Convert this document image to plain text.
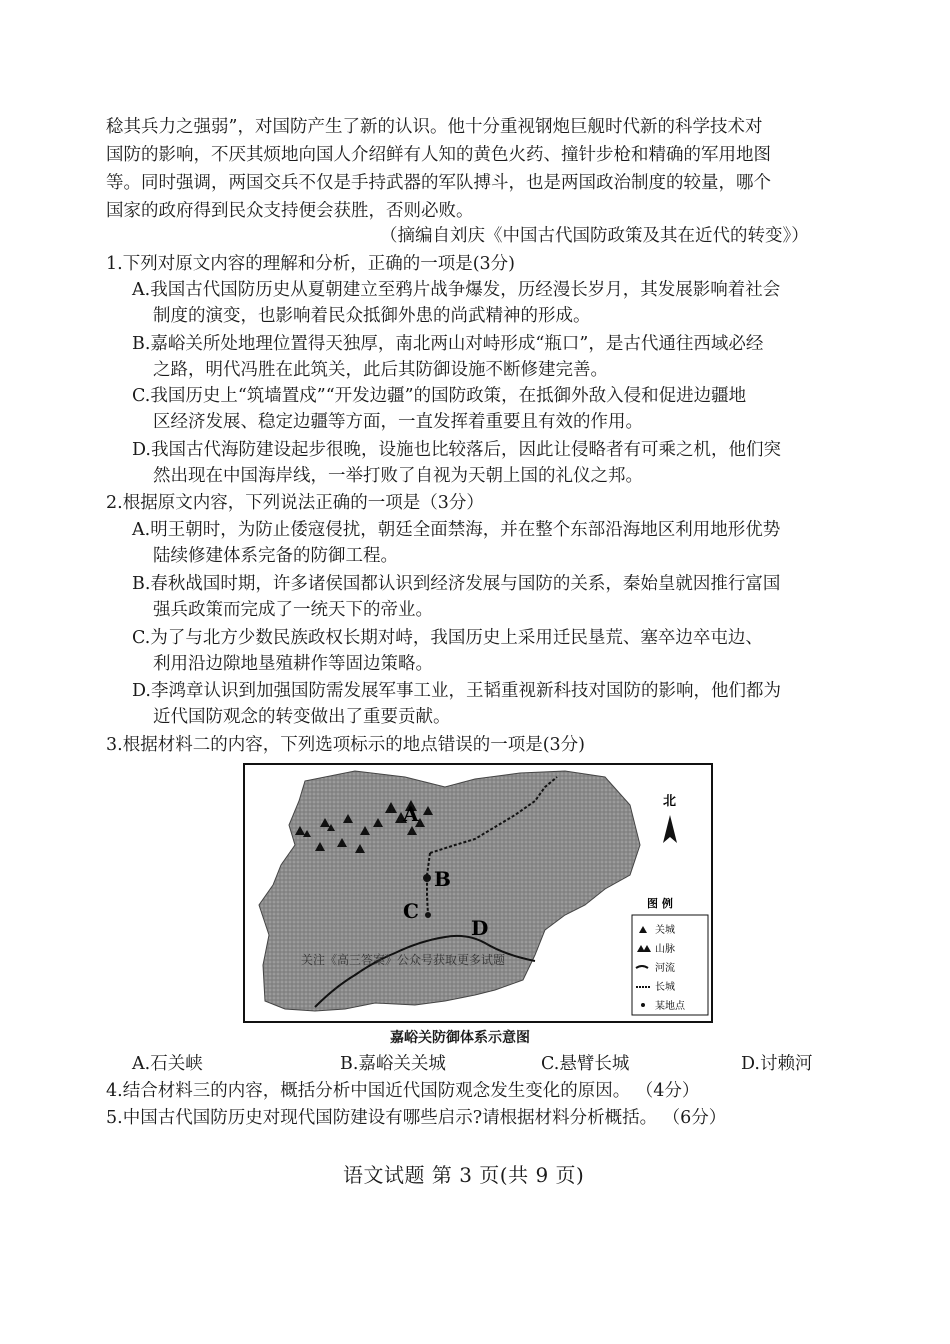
稔其兵力之强弱”，对国防产生了新的认识。他十分重视钢炮巨舰时代新的科学技术对
国防的影响，不厌其烦地向国人介绍鲜有人知的黄色火药、撞针步枪和精确的军用地图
等。同时强调，两国交兵不仅是手持武器的军队搏斗，也是两国政治制度的较量，哪个
国家的政府得到民众支持便会获胜，否则必败。
（摘编自刘庆《中国古代国防政策及其在近代的转变》）
1.下列对原文内容的理解和分析，正确的一项是(3分)
A.我国古代国防历史从夏朝建立至鸦片战争爆发，历经漫长岁月，其发展影响着社会
制度的演变，也影响着民众抵御外患的尚武精神的形成。
B.嘉峪关所处地理位置得天独厚，南北两山对峙形成“瓶口”，是古代通往西域必经
之路，明代冯胜在此筑关，此后其防御设施不断修建完善。
C.我国历史上“筑墙置戍”“开发边疆”的国防政策，在抵御外敌入侵和促进边疆地
区经济发展、稳定边疆等方面，一直发挥着重要且有效的作用。
D.我国古代海防建设起步很晚，设施也比较落后，因此让侵略者有可乘之机，他们突
然出现在中国海岸线，一举打败了自视为天朝上国的礼仪之邦。
2.根据原文内容，下列说法正确的一项是（3分）
A.明王朝时，为防止倭寇侵扰，朝廷全面禁海，并在整个东部沿海地区利用地形优势
陆续修建体系完备的防御工程。
B.春秋战国时期，许多诸侯国都认识到经济发展与国防的关系，秦始皇就因推行富国
强兵政策而完成了一统天下的帝业。
C.为了与北方少数民族政权长期对峙，我国历史上采用迁民垦荒、塞卒边卒屯边、
利用沿边隙地垦殖耕作等固边策略。
D.李鸿章认识到加强国防需发展军事工业，王韬重视新科技对国防的影响，他们都为
近代国防观念的转变做出了重要贡献。
3.根据材料二的内容，下列选项标示的地点错误的一项是(3分)
A
B
C
D
关注《高三答案》公众号获取更多试题
北
图 例
关城
山脉
河流
长城
某地点
嘉峪关防御体系示意图
A.石关峡	B.嘉峪关关城	C.悬臂长城	D.讨赖河
4.结合材料三的内容，概括分析中国近代国防观念发生变化的原因。 （4分）
5.中国古代国防历史对现代国防建设有哪些启示?请根据材料分析概括。 （6分）
语文试题 第 3 页(共 9 页)
